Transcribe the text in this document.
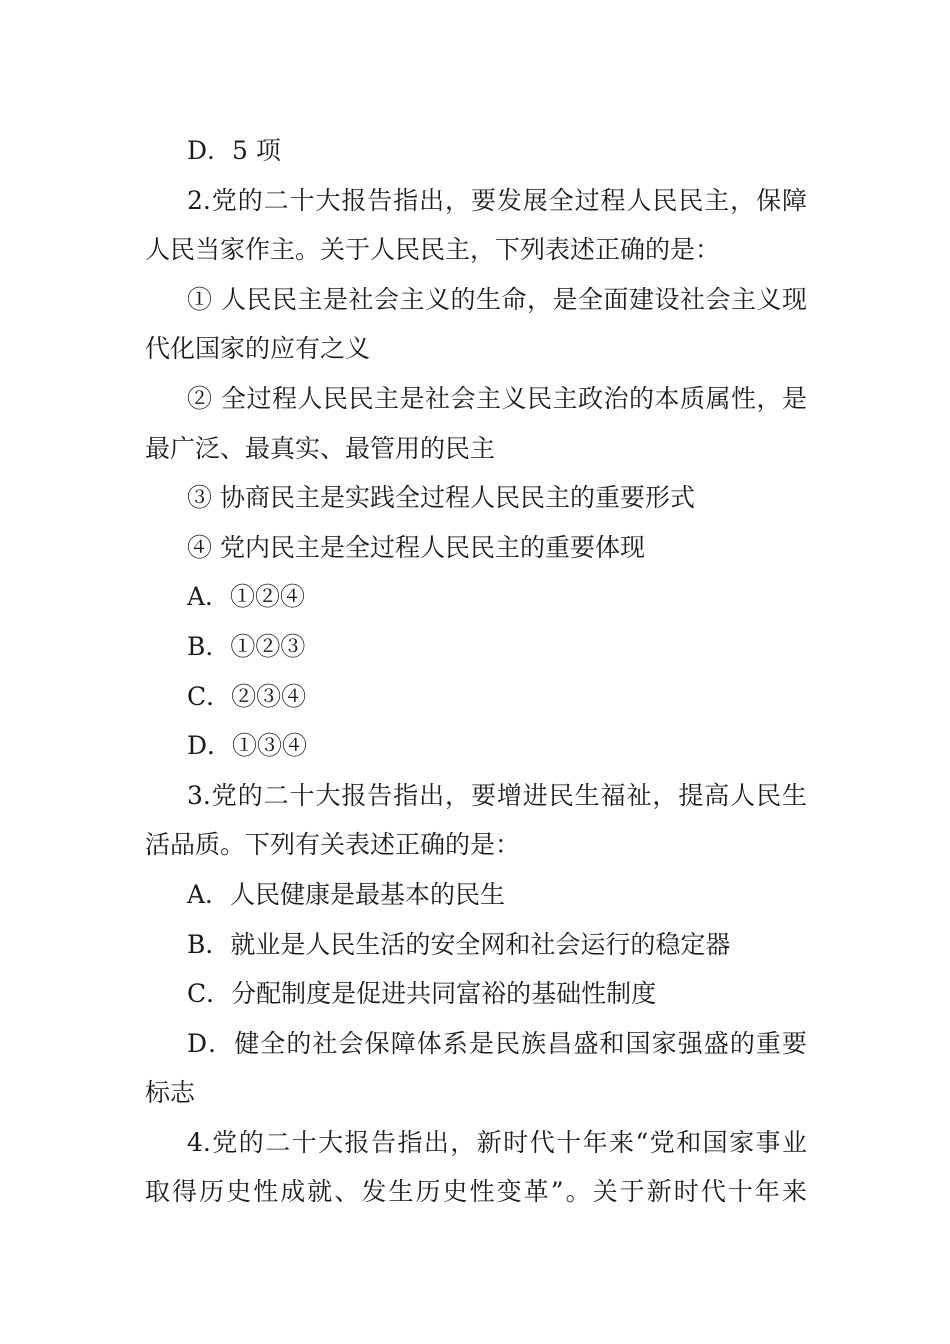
D．5 项
2.党的二十大报告指出，要发展全过程人民民主，保障
人民当家作主。关于人民民主，下列表述正确的是：
① 人民民主是社会主义的生命，是全面建设社会主义现
代化国家的应有之义
② 全过程人民民主是社会主义民主政治的本质属性，是
最广泛、最真实、最管用的民主
③ 协商民主是实践全过程人民民主的重要形式
④ 党内民主是全过程人民民主的重要体现
A．①②④
B．①②③
C．②③④
D．①③④
3.党的二十大报告指出，要增进民生福祉，提高人民生
活品质。下列有关表述正确的是：
A．人民健康是最基本的民生
B．就业是人民生活的安全网和社会运行的稳定器
C．分配制度是促进共同富裕的基础性制度
D．健全的社会保障体系是民族昌盛和国家强盛的重要
标志
4.党的二十大报告指出，新时代十年来“党和国家事业
取得历史性成就、发生历史性变革”。关于新时代十年来
